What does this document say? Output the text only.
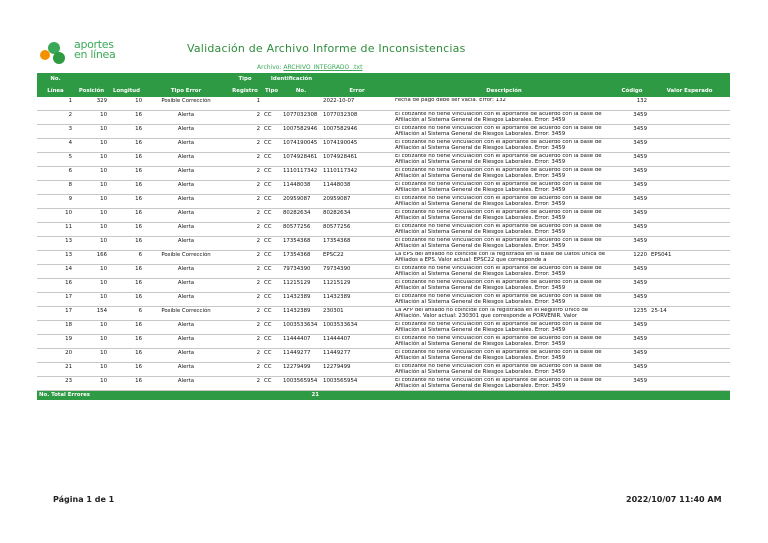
aportes
en línea	Validación de Archivo Informe de Inconsistencias
Archivo: ARCHIVO_INTEGRADO_.txt
No.				Tipo	Identificación					
Línea	Posición	Longitud	Tipo Error	Registro	Tipo	No.	Error	Descripción	Código	Valor Esperado
1	329	10	Posible Corrección	1			2022-10-07	Fecha de pago debe ser vacía. Error: 132	132	
2	10	16	Alerta	2	CC	1077032308	1077032308	El cotizante no tiene vinculación con el aportante de acuerdo con la base de Afiliación al Sistema General de Riesgos Laborales. Error: 3459	3459	
3	10	16	Alerta	2	CC	1007582946	1007582946	El cotizante no tiene vinculación con el aportante de acuerdo con la base de Afiliación al Sistema General de Riesgos Laborales. Error: 3459	3459	
4	10	16	Alerta	2	CC	1074190045	1074190045	El cotizante no tiene vinculación con el aportante de acuerdo con la base de Afiliación al Sistema General de Riesgos Laborales. Error: 3459	3459	
5	10	16	Alerta	2	CC	1074928461	1074928461	El cotizante no tiene vinculación con el aportante de acuerdo con la base de Afiliación al Sistema General de Riesgos Laborales. Error: 3459	3459	
6	10	16	Alerta	2	CC	1110117342	1110117342	El cotizante no tiene vinculación con el aportante de acuerdo con la base de Afiliación al Sistema General de Riesgos Laborales. Error: 3459	3459	
8	10	16	Alerta	2	CC	11448038	11448038	El cotizante no tiene vinculación con el aportante de acuerdo con la base de Afiliación al Sistema General de Riesgos Laborales. Error: 3459	3459	
9	10	16	Alerta	2	CC	20959087	20959087	El cotizante no tiene vinculación con el aportante de acuerdo con la base de Afiliación al Sistema General de Riesgos Laborales. Error: 3459	3459	
10	10	16	Alerta	2	CC	80282634	80282634	El cotizante no tiene vinculación con el aportante de acuerdo con la base de Afiliación al Sistema General de Riesgos Laborales. Error: 3459	3459	
11	10	16	Alerta	2	CC	80577256	80577256	El cotizante no tiene vinculación con el aportante de acuerdo con la base de Afiliación al Sistema General de Riesgos Laborales. Error: 3459	3459	
13	10	16	Alerta	2	CC	17354368	17354368	El cotizante no tiene vinculación con el aportante de acuerdo con la base de Afiliación al Sistema General de Riesgos Laborales. Error: 3459	3459	
13	166	6	Posible Corrección	2	CC	17354368	EPSC22	La EPS del afiliado no coincide con la registrada en la Base de Datos Única de Afiliados a EPS. Valor actual: EPSC22 que corresponde a	1220	EPS041
14	10	16	Alerta	2	CC	79734390	79734390	El cotizante no tiene vinculación con el aportante de acuerdo con la base de Afiliación al Sistema General de Riesgos Laborales. Error: 3459	3459	
16	10	16	Alerta	2	CC	11215129	11215129	El cotizante no tiene vinculación con el aportante de acuerdo con la base de Afiliación al Sistema General de Riesgos Laborales. Error: 3459	3459	
17	10	16	Alerta	2	CC	11432389	11432389	El cotizante no tiene vinculación con el aportante de acuerdo con la base de Afiliación al Sistema General de Riesgos Laborales. Error: 3459	3459	
17	154	6	Posible Corrección	2	CC	11432389	230301	La AFP del afiliado no coincide con la registrada en el Registro Único de Afiliación. Valor actual: 230301 que corresponde a PORVENIR. Valor	1235	25-14
18	10	16	Alerta	2	CC	1003533634	1003533634	El cotizante no tiene vinculación con el aportante de acuerdo con la base de Afiliación al Sistema General de Riesgos Laborales. Error: 3459	3459	
19	10	16	Alerta	2	CC	11444407	11444407	El cotizante no tiene vinculación con el aportante de acuerdo con la base de Afiliación al Sistema General de Riesgos Laborales. Error: 3459	3459	
20	10	16	Alerta	2	CC	11449277	11449277	El cotizante no tiene vinculación con el aportante de acuerdo con la base de Afiliación al Sistema General de Riesgos Laborales. Error: 3459	3459	
21	10	16	Alerta	2	CC	12279499	12279499	El cotizante no tiene vinculación con el aportante de acuerdo con la base de Afiliación al Sistema General de Riesgos Laborales. Error: 3459	3459	
23	10	16	Alerta	2	CC	1003565954	1003565954	El cotizante no tiene vinculación con el aportante de acuerdo con la base de Afiliación al Sistema General de Riesgos Laborales. Error: 3459	3459	
No. Total Errores				21						
Página 1 de 1	2022/10/07 11:40 AM
